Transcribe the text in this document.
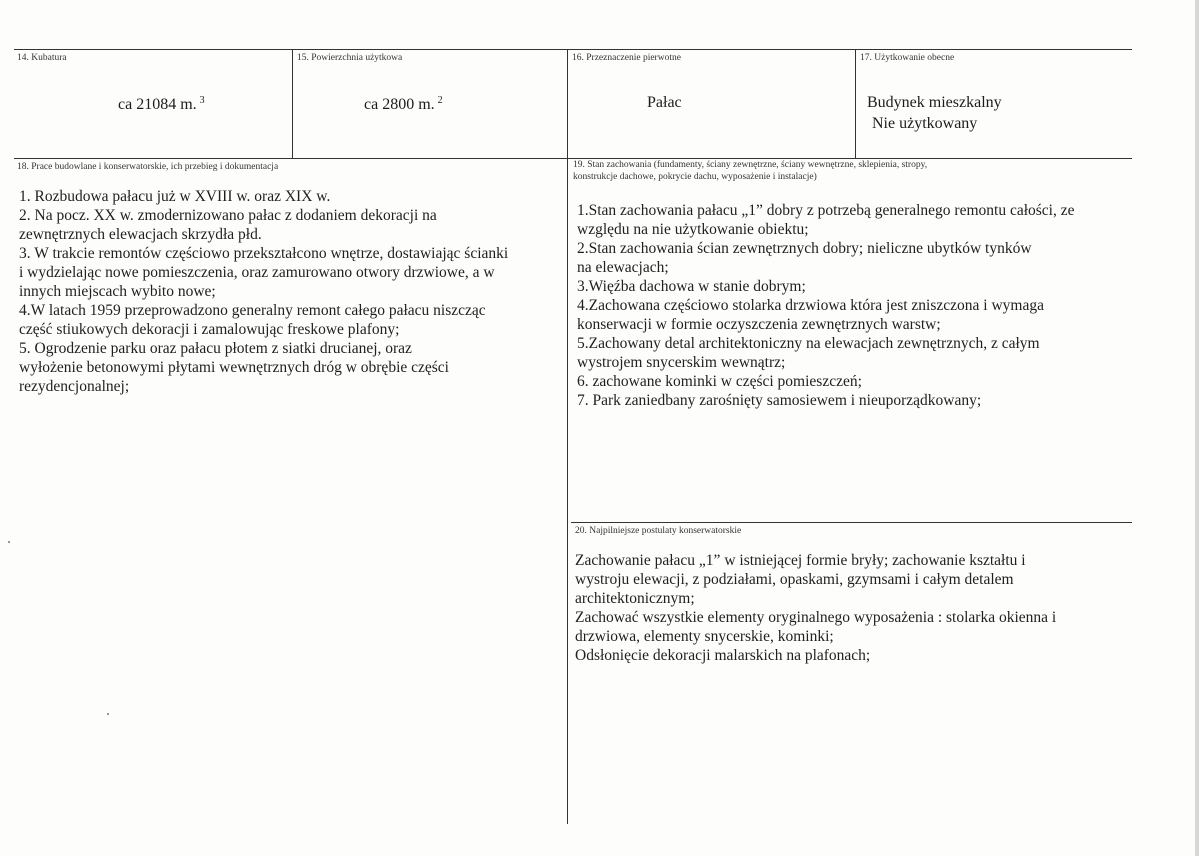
14. Kubatura
ca 21084 m. $^3$
15. Powierzchnia użytkowa
ca 2800 m. $^2$
16. Przeznaczenie pierwotne
Pałac
17. Użytkowanie obecne
Budynek mieszkalny
Nie użytkowany
18. Prace budowlane i konserwatorskie, ich przebieg i dokumentacja
1. Rozbudowa pałacu już w XVIII w. oraz XIX w.
2. Na pocz. XX w. zmodernizowano pałac z dodaniem dekoracji na
zewnętrznych elewacjach skrzydła płd.
3. W trakcie remontów częściowo przekształcono wnętrze, dostawiając ścianki
i wydzielając nowe pomieszczenia, oraz zamurowano otwory drzwiowe, a w
innych miejscach wybito nowe;
4.W latach 1959 przeprowadzono generalny remont całego pałacu niszcząc
część stiukowych dekoracji i zamalowując freskowe plafony;
5. Ogrodzenie parku oraz pałacu płotem z siatki drucianej, oraz
wyłożenie betonowymi płytami wewnętrznych dróg w obrębie części
rezydencjonalnej;
19. Stan zachowania (fundamenty, ściany zewnętrzne, ściany wewnętrzne, sklepienia, stropy,
konstrukcje dachowe, pokrycie dachu, wyposażenie i instalacje)
1.Stan zachowania pałacu „1” dobry z potrzebą generalnego remontu całości, ze
względu na nie użytkowanie obiektu;
2.Stan zachowania ścian zewnętrznych dobry; nieliczne ubytków tynków
na elewacjach;
3.Więźba dachowa w stanie dobrym;
4.Zachowana częściowo stolarka drzwiowa która jest zniszczona i wymaga
konserwacji w formie oczyszczenia zewnętrznych warstw;
5.Zachowany detal architektoniczny na elewacjach zewnętrznych, z całym
wystrojem snycerskim wewnątrz;
6. zachowane kominki w części pomieszczeń;
7. Park zaniedbany zarośnięty samosiewem i nieuporządkowany;
20. Najpilniejsze postulaty konserwatorskie
Zachowanie pałacu „1” w istniejącej formie bryły; zachowanie kształtu i
wystroju elewacji, z podziałami, opaskami, gzymsami i całym detalem
architektonicznym;
Zachować wszystkie elementy oryginalnego wyposażenia : stolarka okienna i
drzwiowa, elementy snycerskie, kominki;
Odsłonięcie dekoracji malarskich na plafonach;
